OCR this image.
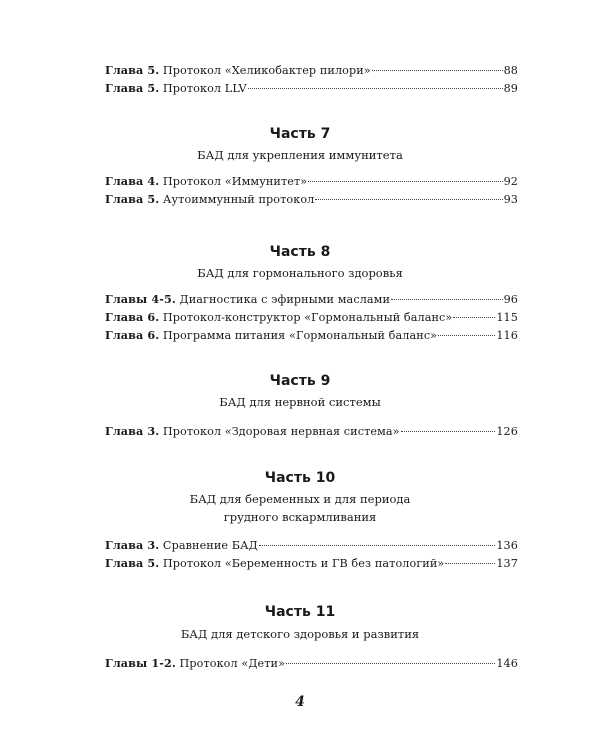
Глава 5. Протокол «Хеликобактер пилори»	88
Глава 5. Протокол LLV	89
Часть 7
БАД для укрепления иммунитета
Глава 4. Протокол «Иммунитет»	92
Глава 5. Аутоиммунный протокол	93
Часть 8
БАД для гормонального здоровья
Главы 4-5. Диагностика с эфирными маслами	96
Глава 6. Протокол-конструктор «Гормональный баланс»	115
Глава 6. Программа питания «Гормональный баланс»	116
Часть 9
БАД для нервной системы
Глава 3. Протокол «Здоровая нервная система»	126
Часть 10
БАД для беременных и для периода
грудного вскармливания
Глава 3. Сравнение БАД	136
Глава 5. Протокол «Беременность и ГВ без патологий»	137
Часть 11
БАД для детского здоровья и развития
Главы 1-2. Протокол «Дети»	146
4
